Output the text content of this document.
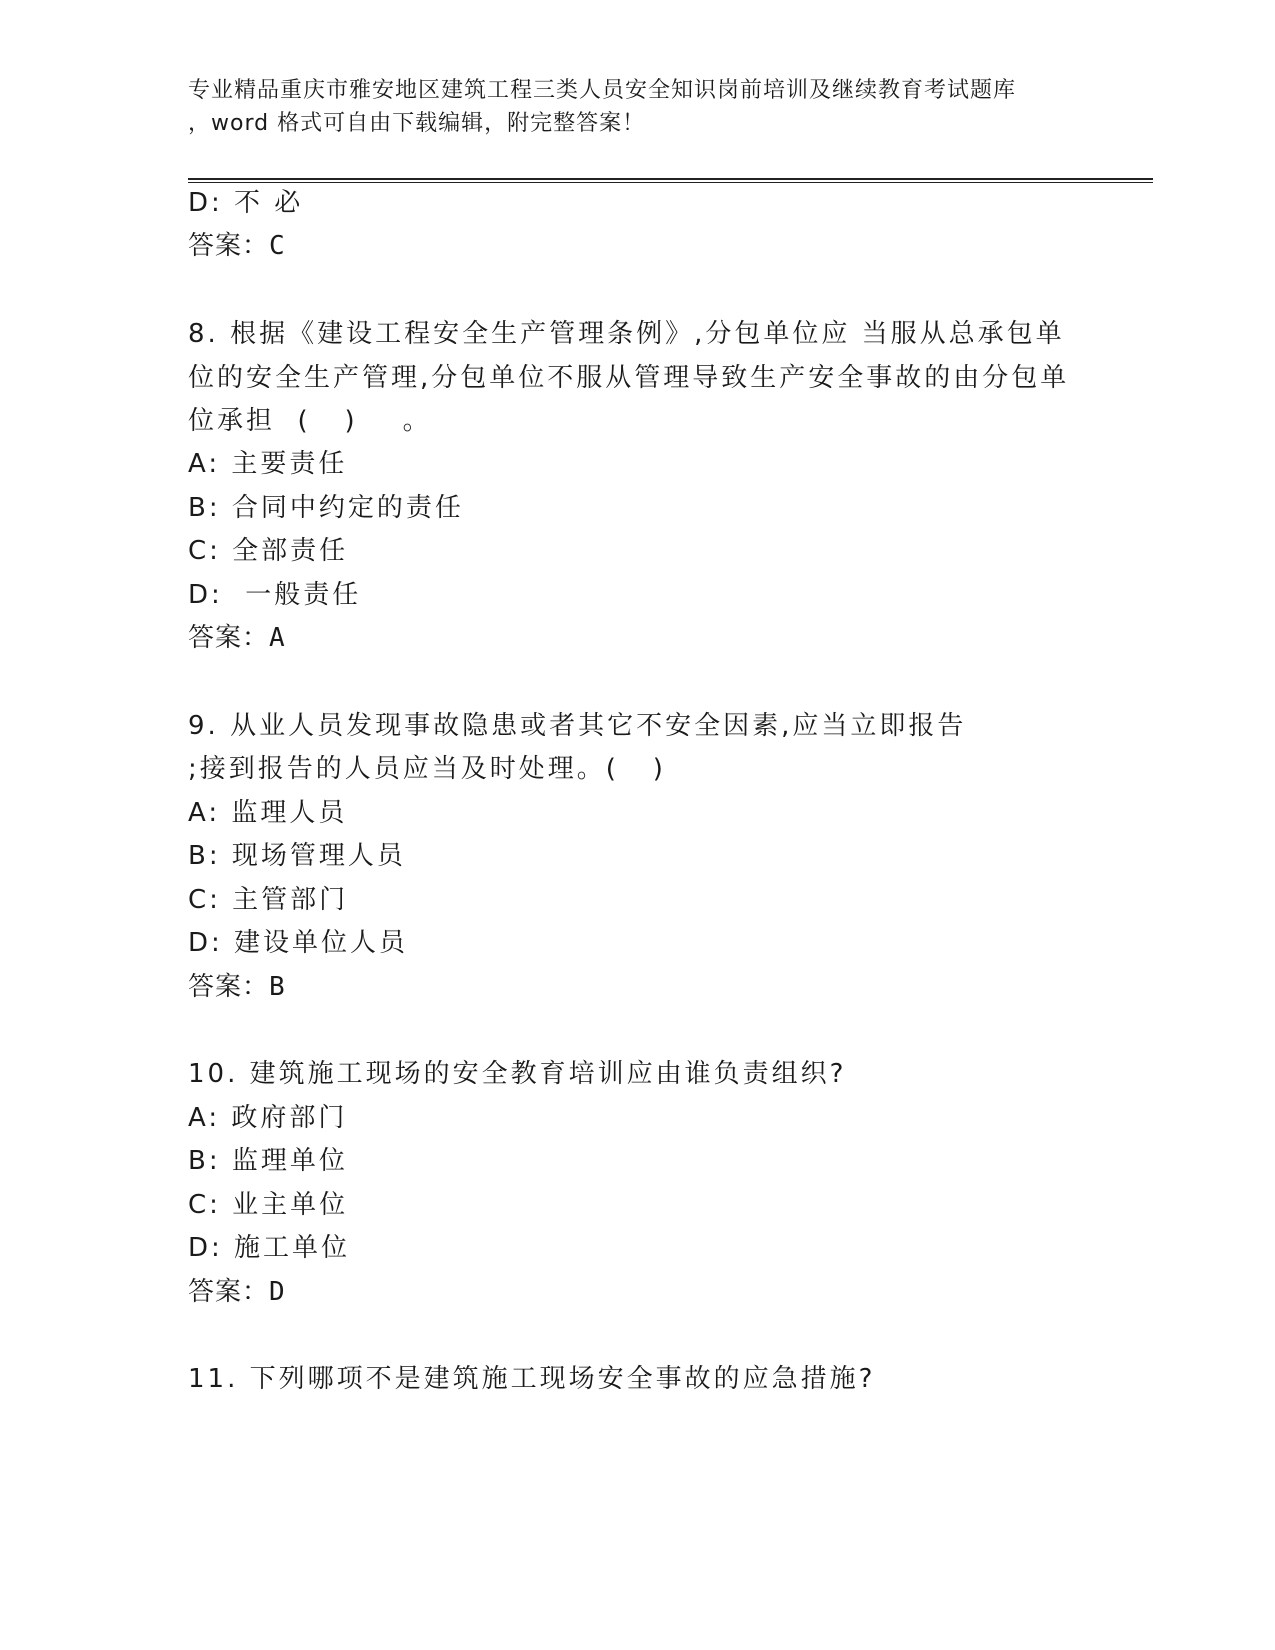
专业精品重庆市雅安地区建筑工程三类人员安全知识岗前培训及继续教育考试题库
，word 格式可自由下载编辑，附完整答案！
D: 不 必
答案：C
8. 根据《建设工程安全生产管理条例》,分包单位应 当服从总承包单
位的安全生产管理,分包单位不服从管理导致生产安全事故的由分包单
位承担  (   )    。
A: 主要责任
B: 合同中约定的责任
C: 全部责任
D:  一般责任
答案：A
9. 从业人员发现事故隐患或者其它不安全因素,应当立即报告
;接到报告的人员应当及时处理。(   )
A: 监理人员
B: 现场管理人员
C: 主管部门
D: 建设单位人员
答案：B
10. 建筑施工现场的安全教育培训应由谁负责组织?
A: 政府部门
B: 监理单位
C: 业主单位
D: 施工单位
答案：D
11. 下列哪项不是建筑施工现场安全事故的应急措施?
